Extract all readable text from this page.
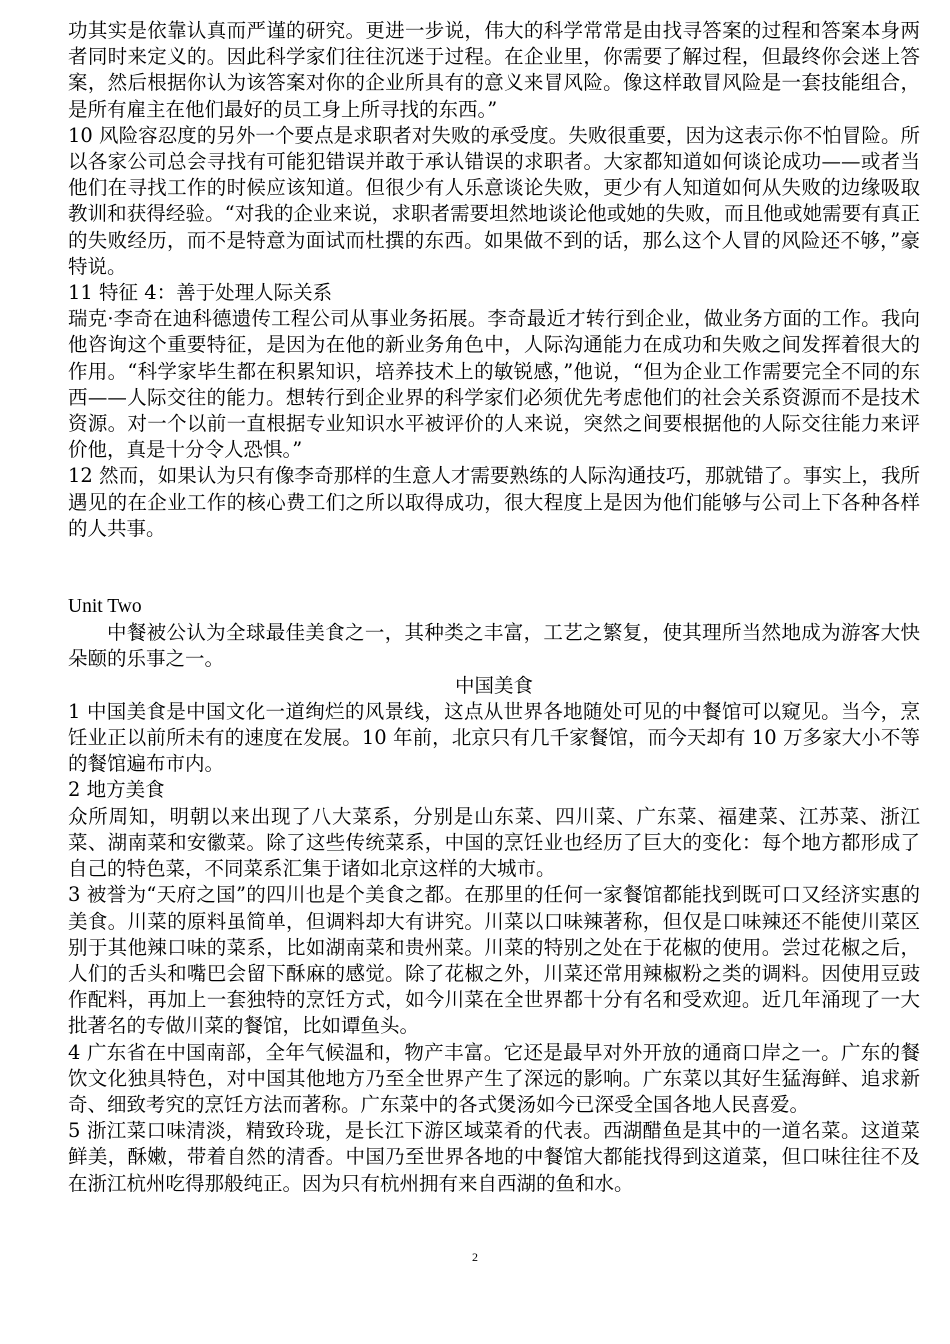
功其实是依靠认真而严谨的研究。更进一步说，伟大的科学常常是由找寻答案的过程和答案本身两者同时来定义的。因此科学家们往往沉迷于过程。在企业里，你需要了解过程，但最终你会迷上答案，然后根据你认为该答案对你的企业所具有的意义来冒风险。像这样敢冒风险是一套技能组合，是所有雇主在他们最好的员工身上所寻找的东西。”

10 风险容忍度的另外一个要点是求职者对失败的承受度。失败很重要，因为这表示你不怕冒险。所以各家公司总会寻找有可能犯错误并敢于承认错误的求职者。大家都知道如何谈论成功——或者当他们在寻找工作的时候应该知道。但很少有人乐意谈论失败，更少有人知道如何从失败的边缘吸取教训和获得经验。“对我的企业来说，求职者需要坦然地谈论他或她的失败，而且他或她需要有真正的失败经历，而不是特意为面试而杜撰的东西。如果做不到的话，那么这个人冒的风险还不够，”豪特说。

11 特征 4：善于处理人际关系

瑞克·李奇在迪科德遗传工程公司从事业务拓展。李奇最近才转行到企业，做业务方面的工作。我向他咨询这个重要特征，是因为在他的新业务角色中，人际沟通能力在成功和失败之间发挥着很大的作用。“科学家毕生都在积累知识，培养技术上的敏锐感，”他说，“但为企业工作需要完全不同的东西——人际交往的能力。想转行到企业界的科学家们必须优先考虑他们的社会关系资源而不是技术资源。对一个以前一直根据专业知识水平被评价的人来说，突然之间要根据他的人际交往能力来评价他，真是十分令人恐惧。”

12 然而，如果认为只有像李奇那样的生意人才需要熟练的人际沟通技巧，那就错了。事实上，我所遇见的在企业工作的核心费工们之所以取得成功，很大程度上是因为他们能够与公司上下各种各样的人共事。

Unit Two

中餐被公认为全球最佳美食之一，其种类之丰富，工艺之繁复，使其理所当然地成为游客大快朵颐的乐事之一。

中国美食

1 中国美食是中国文化一道绚烂的风景线，这点从世界各地随处可见的中餐馆可以窥见。当今，烹饪业正以前所未有的速度在发展。10 年前，北京只有几千家餐馆，而今天却有 10 万多家大小不等的餐馆遍布市内。

2 地方美食

众所周知，明朝以来出现了八大菜系，分别是山东菜、四川菜、广东菜、福建菜、江苏菜、浙江菜、湖南菜和安徽菜。除了这些传统菜系，中国的烹饪业也经历了巨大的变化：每个地方都形成了自己的特色菜，不同菜系汇集于诸如北京这样的大城市。

3 被誉为“天府之国”的四川也是个美食之都。在那里的任何一家餐馆都能找到既可口又经济实惠的美食。川菜的原料虽简单，但调料却大有讲究。川菜以口味辣著称，但仅是口味辣还不能使川菜区别于其他辣口味的菜系，比如湖南菜和贵州菜。川菜的特别之处在于花椒的使用。尝过花椒之后，人们的舌头和嘴巴会留下酥麻的感觉。除了花椒之外，川菜还常用辣椒粉之类的调料。因使用豆豉作配料，再加上一套独特的烹饪方式，如今川菜在全世界都十分有名和受欢迎。近几年涌现了一大批著名的专做川菜的餐馆，比如谭鱼头。

4 广东省在中国南部，全年气候温和，物产丰富。它还是最早对外开放的通商口岸之一。广东的餐饮文化独具特色，对中国其他地方乃至全世界产生了深远的影响。广东菜以其好生猛海鲜、追求新奇、细致考究的烹饪方法而著称。广东菜中的各式煲汤如今已深受全国各地人民喜爱。

5 浙江菜口味清淡，精致玲珑，是长江下游区域菜肴的代表。西湖醋鱼是其中的一道名菜。这道菜鲜美，酥嫩，带着自然的清香。中国乃至世界各地的中餐馆大都能找得到这道菜，但口味往往不及在浙江杭州吃得那般纯正。因为只有杭州拥有来自西湖的鱼和水。

2
